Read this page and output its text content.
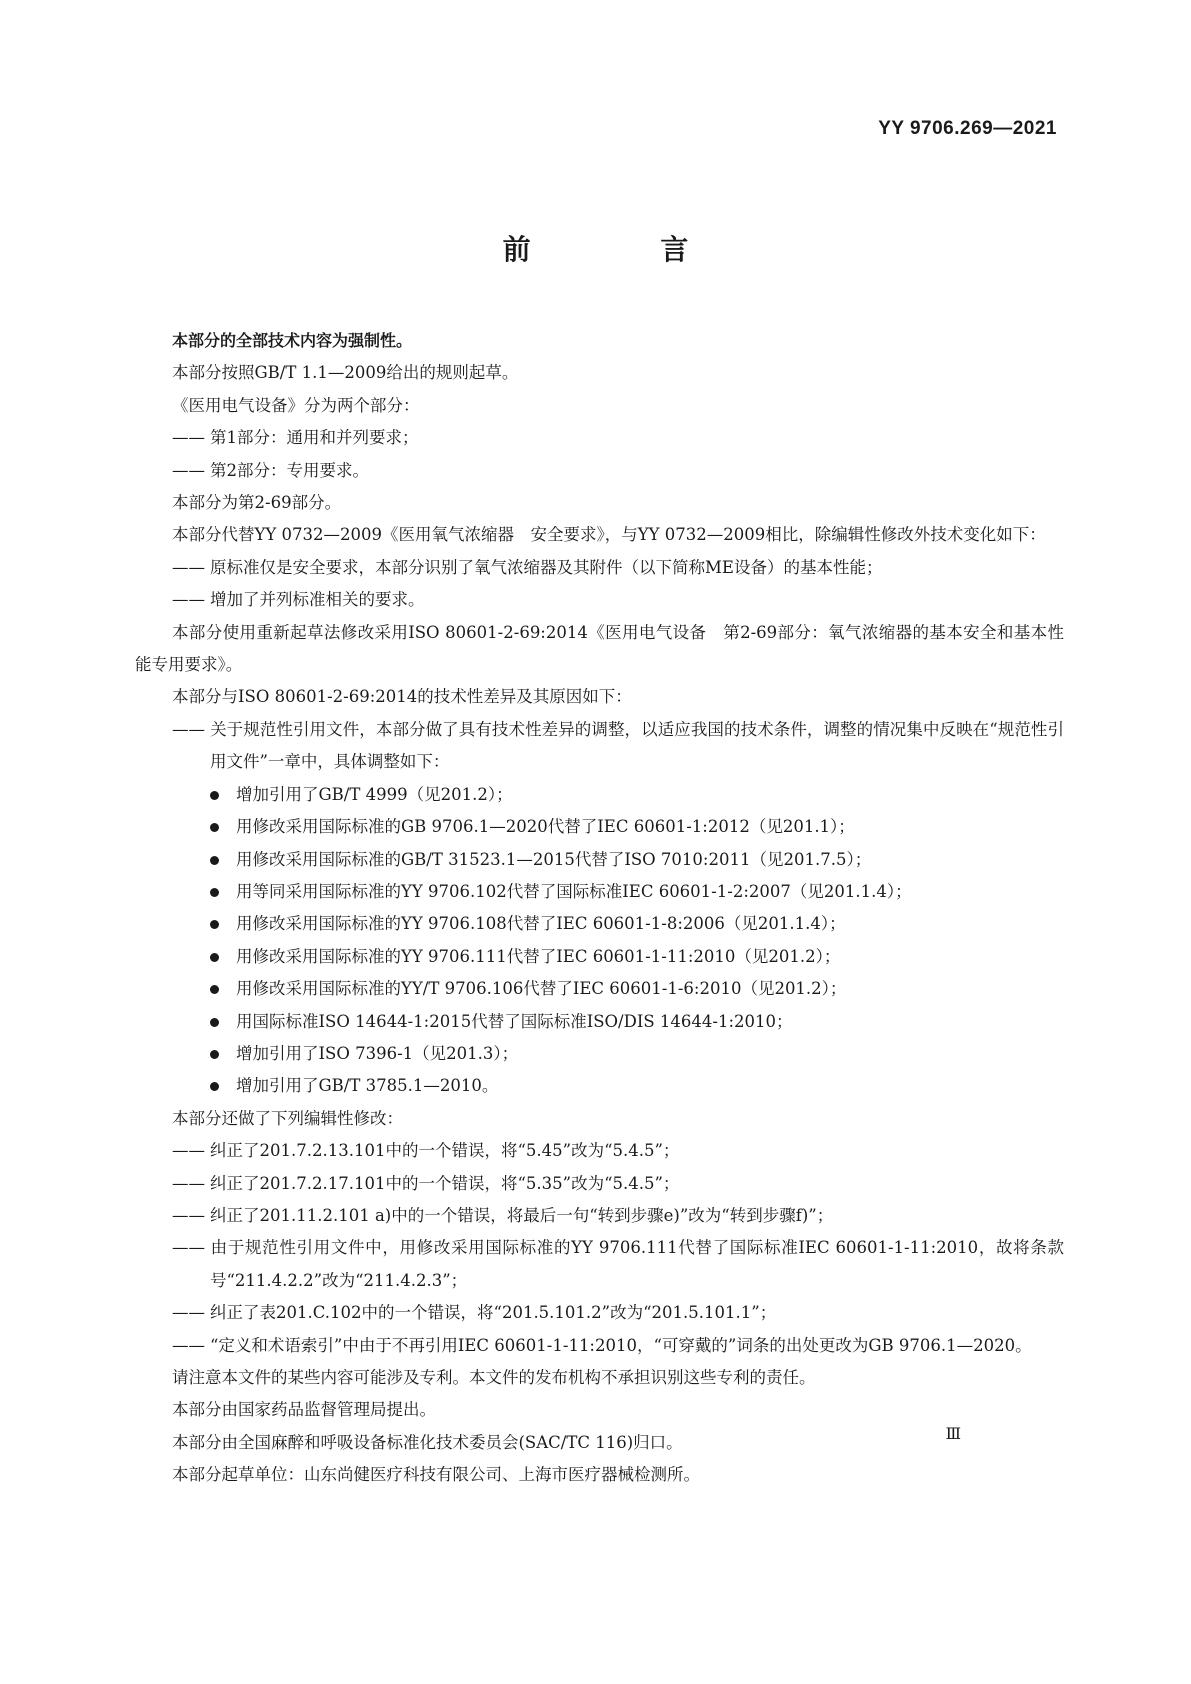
YY 9706.269—2021
前 言

本部分的全部技术内容为强制性。

本部分按照GB/T 1.1—2009给出的规则起草。

《医用电气设备》分为两个部分：

—— 第1部分：通用和并列要求；

—— 第2部分：专用要求。

本部分为第2-69部分。

本部分代替YY 0732—2009《医用氧气浓缩器　安全要求》，与YY 0732—2009相比，除编辑性修改外技术变化如下：

—— 原标准仅是安全要求，本部分识别了氧气浓缩器及其附件（以下简称ME设备）的基本性能；

—— 增加了并列标准相关的要求。

本部分使用重新起草法修改采用ISO 80601-2-69:2014《医用电气设备　第2-69部分：氧气浓缩器的基本安全和基本性能专用要求》。

本部分与ISO 80601-2-69:2014的技术性差异及其原因如下：

—— 关于规范性引用文件，本部分做了具有技术性差异的调整，以适应我国的技术条件，调整的情况集中反映在“规范性引用文件”一章中，具体调整如下：

增加引用了GB/T 4999（见201.2）；
用修改采用国际标准的GB 9706.1—2020代替了IEC 60601-1:2012（见201.1）；
用修改采用国际标准的GB/T 31523.1—2015代替了ISO 7010:2011（见201.7.5）；
用等同采用国际标准的YY 9706.102代替了国际标准IEC 60601-1-2:2007（见201.1.4）；
用修改采用国际标准的YY 9706.108代替了IEC 60601-1-8:2006（见201.1.4）；
用修改采用国际标准的YY 9706.111代替了IEC 60601-1-11:2010（见201.2）；
用修改采用国际标准的YY/T 9706.106代替了IEC 60601-1-6:2010（见201.2）；
用国际标准ISO 14644-1:2015代替了国际标准ISO/DIS 14644-1:2010；
增加引用了ISO 7396-1（见201.3）；
增加引用了GB/T 3785.1—2010。

本部分还做了下列编辑性修改：

—— 纠正了201.7.2.13.101中的一个错误，将“5.45”改为“5.4.5”；

—— 纠正了201.7.2.17.101中的一个错误，将“5.35”改为“5.4.5”；

—— 纠正了201.11.2.101 a)中的一个错误，将最后一句“转到步骤e)”改为“转到步骤f)”；

—— 由于规范性引用文件中，用修改采用国际标准的YY 9706.111代替了国际标准IEC 60601-1-11:2010，故将条款号“211.4.2.2”改为“211.4.2.3”；

—— 纠正了表201.C.102中的一个错误，将“201.5.101.2”改为“201.5.101.1”；

—— “定义和术语索引”中由于不再引用IEC 60601-1-11:2010，“可穿戴的”词条的出处更改为GB 9706.1—2020。

请注意本文件的某些内容可能涉及专利。本文件的发布机构不承担识别这些专利的责任。

本部分由国家药品监督管理局提出。

本部分由全国麻醉和呼吸设备标准化技术委员会(SAC/TC 116)归口。

本部分起草单位：山东尚健医疗科技有限公司、上海市医疗器械检测所。

Ⅲ
